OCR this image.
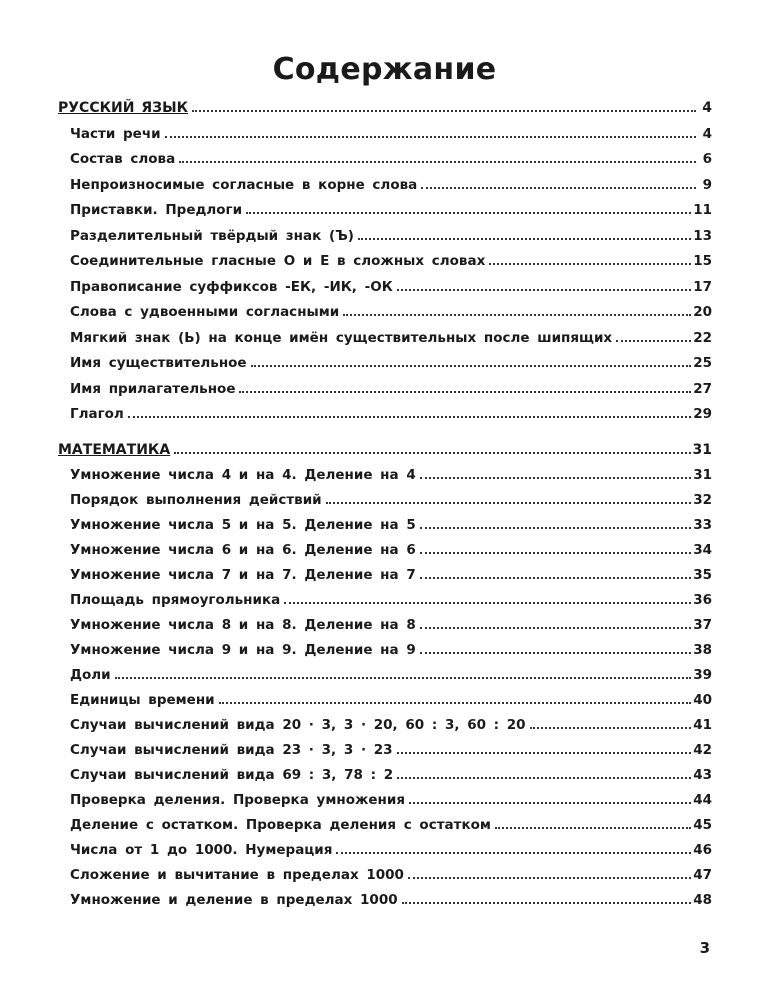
Содержание
РУССКИЙ ЯЗЫК	4
Части речи	4
Состав слова	6
Непроизносимые согласные в корне слова	9
Приставки. Предлоги	11
Разделительный твёрдый знак (Ъ)	13
Соединительные гласные О и Е в сложных словах	15
Правописание суффиксов -ЕК, -ИК, -ОК	17
Слова с удвоенными согласными	20
Мягкий знак (Ь) на конце имён существительных после шипящих	22
Имя существительное	25
Имя прилагательное	27
Глагол	29
МАТЕМАТИКА	31
Умножение числа 4 и на 4. Деление на 4	31
Порядок выполнения действий	32
Умножение числа 5 и на 5. Деление на 5	33
Умножение числа 6 и на 6. Деление на 6	34
Умножение числа 7 и на 7. Деление на 7	35
Площадь прямоугольника	36
Умножение числа 8 и на 8. Деление на 8	37
Умножение числа 9 и на 9. Деление на 9	38
Доли	39
Единицы времени	40
Случаи вычислений вида 20 · 3, 3 · 20, 60 : 3, 60 : 20	41
Случаи вычислений вида 23 · 3, 3 · 23	42
Случаи вычислений вида 69 : 3, 78 : 2	43
Проверка деления. Проверка умножения	44
Деление с остатком. Проверка деления с остатком	45
Числа от 1 до 1000. Нумерация	46
Сложение и вычитание в пределах 1000	47
Умножение и деление в пределах 1000	48
3
